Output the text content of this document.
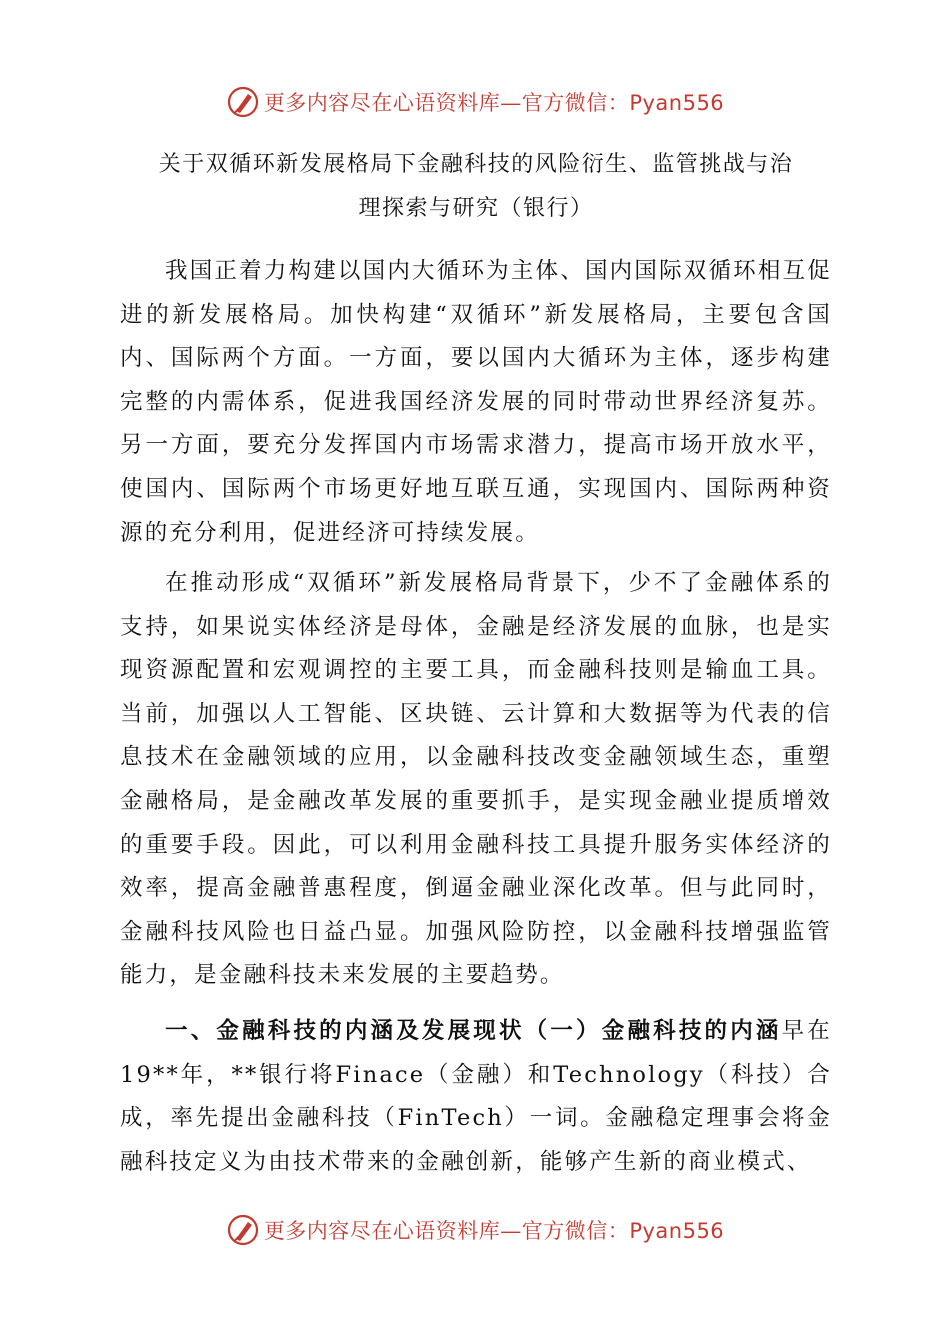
更多内容尽在心语资料库—官方微信：Pyan556
关于双循环新发展格局下金融科技的风险衍生、监管挑战与治
理探索与研究（银行）

我国正着力构建以国内大循环为主体、国内国际双循环相互促进的新发展格局。加快构建“双循环”新发展格局，主要包含国内、国际两个方面。一方面，要以国内大循环为主体，逐步构建完整的内需体系，促进我国经济发展的同时带动世界经济复苏。另一方面，要充分发挥国内市场需求潜力，提高市场开放水平，使国内、国际两个市场更好地互联互通，实现国内、国际两种资源的充分利用，促进经济可持续发展。

在推动形成“双循环”新发展格局背景下，少不了金融体系的支持，如果说实体经济是母体，金融是经济发展的血脉，也是实现资源配置和宏观调控的主要工具，而金融科技则是输血工具。当前，加强以人工智能、区块链、云计算和大数据等为代表的信息技术在金融领域的应用，以金融科技改变金融领域生态，重塑金融格局，是金融改革发展的重要抓手，是实现金融业提质增效的重要手段。因此，可以利用金融科技工具提升服务实体经济的效率，提高金融普惠程度，倒逼金融业深化改革。但与此同时，金融科技风险也日益凸显。加强风险防控，以金融科技增强监管能力，是金融科技未来发展的主要趋势。

一、金融科技的内涵及发展现状（一）金融科技的内涵早在19**年，**银行将Finace（金融）和Technology（科技）合成，率先提出金融科技（FinTech）一词。金融稳定理事会将金融科技定义为由技术带来的金融创新，能够产生新的商业模式、

更多内容尽在心语资料库—官方微信：Pyan556
